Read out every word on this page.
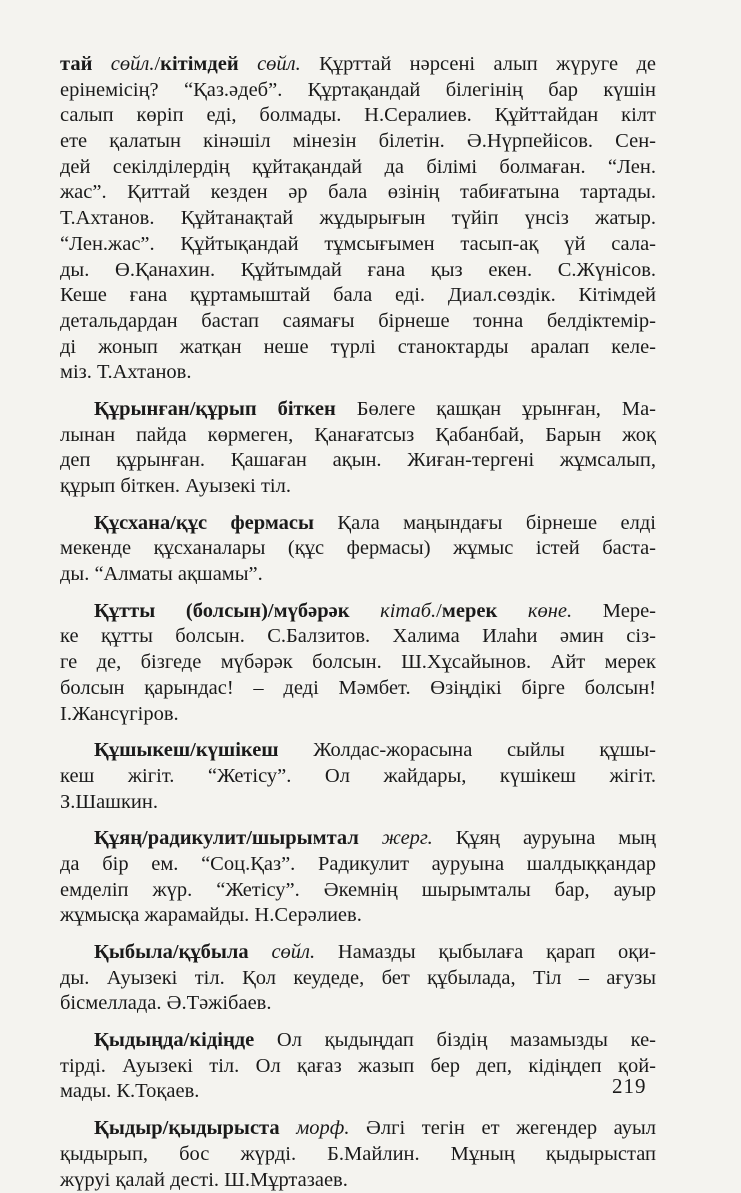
тай сөйл./кітімдей сөйл. Құрттай нәрсені алып жүруге де
ерінемісің? “Қаз.әдеб”. Құртақандай білегінің бар күшін
салып көріп еді, болмады. Н.Сералиев. Құйттайдан кілт
ете қалатын кінәшіл мінезін білетін. Ә.Нүрпейісов. Сен-
дей секілділердің құйтақандай да білімі болмаған. “Лен.
жас”. Қиттай кезден әр бала өзінің табиғатына тартады.
Т.Ахтанов. Құйтанақтай жұдырығын түйіп үнсіз жатыр.
“Лен.жас”. Құйтықандай тұмсығымен тасып-ақ үй сала-
ды. Ө.Қанахин. Құйтымдай ғана қыз екен. С.Жүнісов.
Кеше ғана құртамыштай бала еді. Диал.сөздік. Кітімдей
детальдардан бастап саямағы бірнеше тонна белдіктемір-
ді жонып жатқан неше түрлі станоктарды аралап келе-
міз. Т.Ахтанов.
Құрынған/құрып біткен Бөлеге қашқан ұрынған, Ма-
лынан пайда көрмеген, Қанағатсыз Қабанбай, Барын жоқ
деп құрынған. Қашаған ақын. Жиған-тергені жұмсалып,
құрып біткен. Ауызекі тіл.
Құсхана/құс фермасы Қала маңындағы бірнеше елді
мекенде құсханалары (құс фермасы) жұмыс істей баста-
ды. “Алматы ақшамы”.
Құтты (болсын)/мүбәрәк кітаб./мерек көне. Мере-
ке құтты болсын. С.Балзитов. Халима Илаһи әмин сіз-
ге де, бізгеде мүбәрәк болсын. Ш.Хұсайынов. Айт мерек
болсын қарындас! – деді Мәмбет. Өзіңдікі бірге болсын!
І.Жансүгіров.
Құшыкеш/күшікеш Жолдас-жорасына сыйлы құшы-
кеш жігіт. “Жетісу”. Ол жайдары, күшікеш жігіт.
З.Шашкин.
Құяң/радикулит/шырымтал жерг. Құяң ауруына мың
да бір ем. “Соц.Қаз”. Радикулит ауруына шалдыққандар
емделіп жүр. “Жетісу”. Әкемнің шырымталы бар, ауыр
жұмысқа жарамайды. Н.Серәлиев.
Қыбыла/құбыла сөйл. Намазды қыбылаға қарап оқи-
ды. Ауызекі тіл. Қол кеудеде, бет құбылада, Тіл – ағузы
бісмеллада. Ә.Тәжібаев.
Қыдыңда/кідіңде Ол қыдыңдап біздің мазамызды ке-
тірді. Ауызекі тіл. Ол қағаз жазып бер деп, кідіңдеп қой-
мады. К.Тоқаев.
Қыдыр/қыдырыста морф. Әлгі тегін ет жегендер ауыл
қыдырып, бос жүрді. Б.Майлин. Мұның қыдырыстап
жүруі қалай десті. Ш.Мұртазаев.
219
